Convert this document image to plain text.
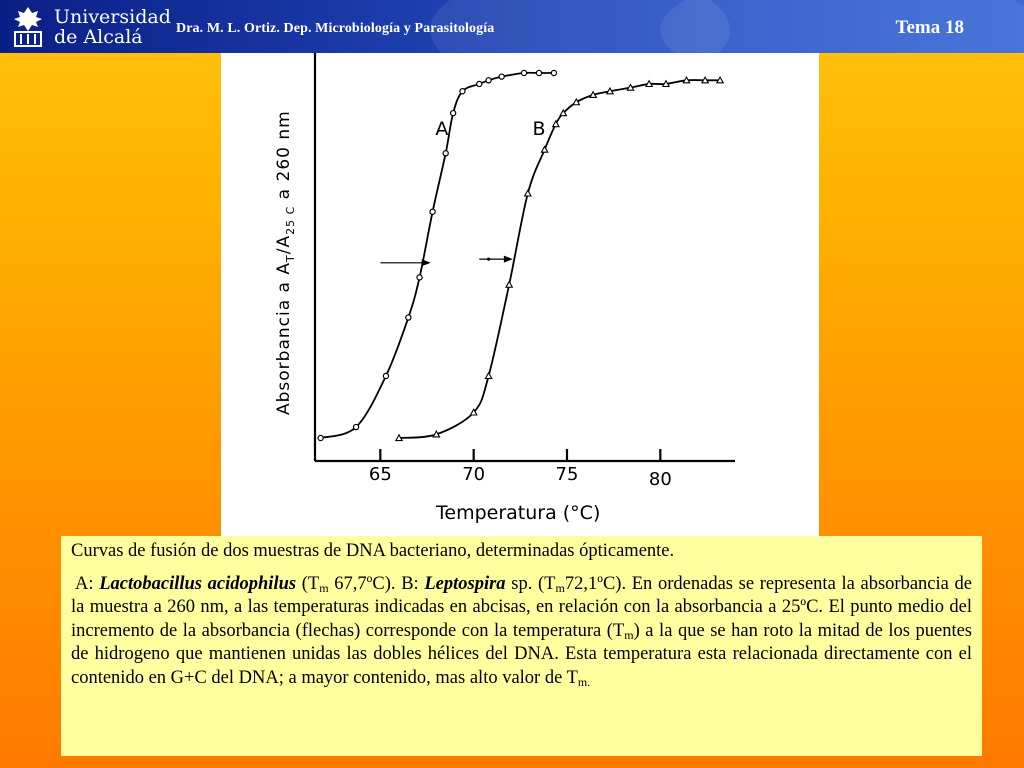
Universidad
de Alcalá Dra. M. L. Ortiz. Dep. Microbiología y Parasitología	Tema 18
65	70	75	80
A	B
Temperatura (°C)
Absorbancia a $A_T/A_{25 C}$ a 260 nm

Curvas de fusión de dos muestras de DNA bacteriano, determinadas ópticamente.

A: Lactobacillus acidophilus ($T_m$ 67,7ºC). B: Leptospira sp. $(T_m72,1ºC)$. En ordenadas se representa la absorbancia de la muestra a 260 nm, a las temperaturas indicadas en abcisas, en relación con la absorbancia a 25ºC. El punto medio del incremento de la absorbancia (flechas) corresponde con la temperatura $(T_m)$ a la que se han roto la mitad de los puentes de hidrogeno que mantienen unidas las dobles hélices del DNA. Esta temperatura esta relacionada directamente con el contenido en G+C del DNA; a mayor contenido, mas alto valor de $T_{m.}$
